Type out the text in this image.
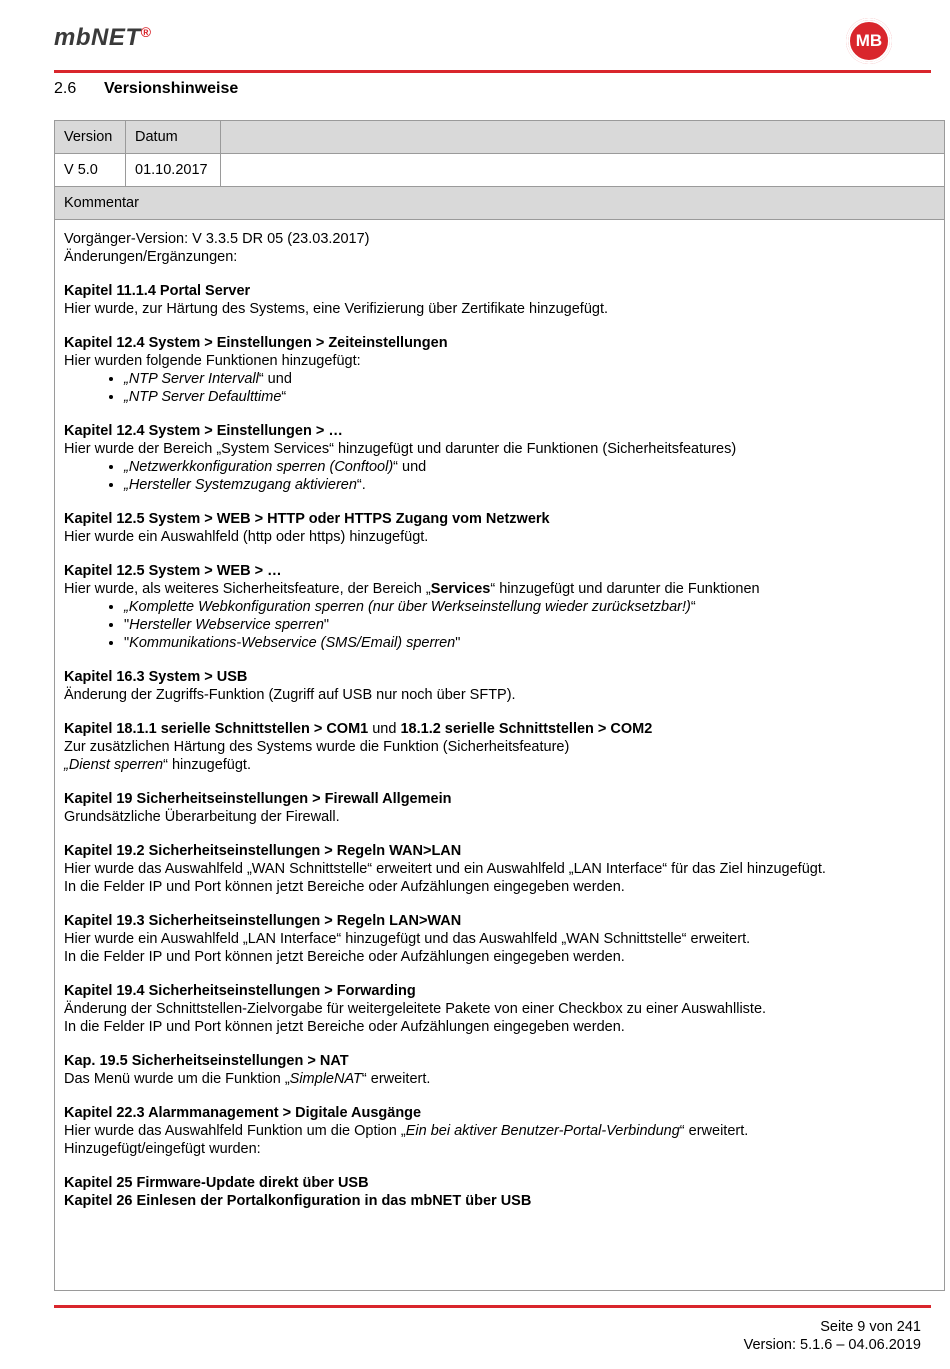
mbNET®	MB
2.6 Versionshinweise
Version	Datum	
V 5.0	01.10.2017	
Kommentar		

Vorgänger-Version: V 3.3.5 DR 05 (23.03.2017)

Änderungen/Ergänzungen:

Kapitel 11.1.4 Portal Server

Hier wurde, zur Härtung des Systems, eine Verifizierung über Zertifikate hinzugefügt.

Kapitel 12.4 System > Einstellungen > Zeiteinstellungen

Hier wurden folgende Funktionen hinzugefügt:

• „NTP Server Intervall“ und
• „NTP Server Defaulttime“

Kapitel 12.4 System > Einstellungen > …

Hier wurde der Bereich „System Services“ hinzugefügt und darunter die Funktionen (Sicherheitsfeatures)

• „Netzwerkkonfiguration sperren (Conftool)“ und
• „Hersteller Systemzugang aktivieren“.

Kapitel 12.5 System > WEB > HTTP oder HTTPS Zugang vom Netzwerk

Hier wurde ein Auswahlfeld (http oder https) hinzugefügt.

Kapitel 12.5 System > WEB > …

Hier wurde, als weiteres Sicherheitsfeature, der Bereich „Services“ hinzugefügt und darunter die Funktionen

• „Komplette Webkonfiguration sperren (nur über Werkseinstellung wieder zurücksetzbar!)“
• "Hersteller Webservice sperren"
• "Kommunikations-Webservice (SMS/Email) sperren"

Kapitel 16.3 System > USB

Änderung der Zugriffs-Funktion (Zugriff auf USB nur noch über SFTP).

Kapitel 18.1.1 serielle Schnittstellen > COM1 und 18.1.2 serielle Schnittstellen > COM2

Zur zusätzlichen Härtung des Systems wurde die Funktion (Sicherheitsfeature)

„Dienst sperren“ hinzugefügt.

Kapitel 19 Sicherheitseinstellungen > Firewall Allgemein

Grundsätzliche Überarbeitung der Firewall.

Kapitel 19.2 Sicherheitseinstellungen > Regeln WAN>LAN

Hier wurde das Auswahlfeld „WAN Schnittstelle“ erweitert und ein Auswahlfeld „LAN Interface“ für das Ziel hinzugefügt.

In die Felder IP und Port können jetzt Bereiche oder Aufzählungen eingegeben werden.

Kapitel 19.3 Sicherheitseinstellungen > Regeln LAN>WAN

Hier wurde ein Auswahlfeld „LAN Interface“ hinzugefügt und das Auswahlfeld „WAN Schnittstelle“ erweitert.

In die Felder IP und Port können jetzt Bereiche oder Aufzählungen eingegeben werden.

Kapitel 19.4 Sicherheitseinstellungen > Forwarding

Änderung der Schnittstellen-Zielvorgabe für weitergeleitete Pakete von einer Checkbox zu einer Auswahlliste.

In die Felder IP und Port können jetzt Bereiche oder Aufzählungen eingegeben werden.

Kap. 19.5 Sicherheitseinstellungen > NAT

Das Menü wurde um die Funktion „SimpleNAT“ erweitert.

Kapitel 22.3 Alarmmanagement > Digitale Ausgänge

Hier wurde das Auswahlfeld Funktion um die Option „Ein bei aktiver Benutzer-Portal-Verbindung“ erweitert.

Hinzugefügt/eingefügt wurden:

Kapitel 25 Firmware-Update direkt über USB

Kapitel 26 Einlesen der Portalkonfiguration in das mbNET über USB

Seite 9 von 241
Version: 5.1.6 – 04.06.2019
